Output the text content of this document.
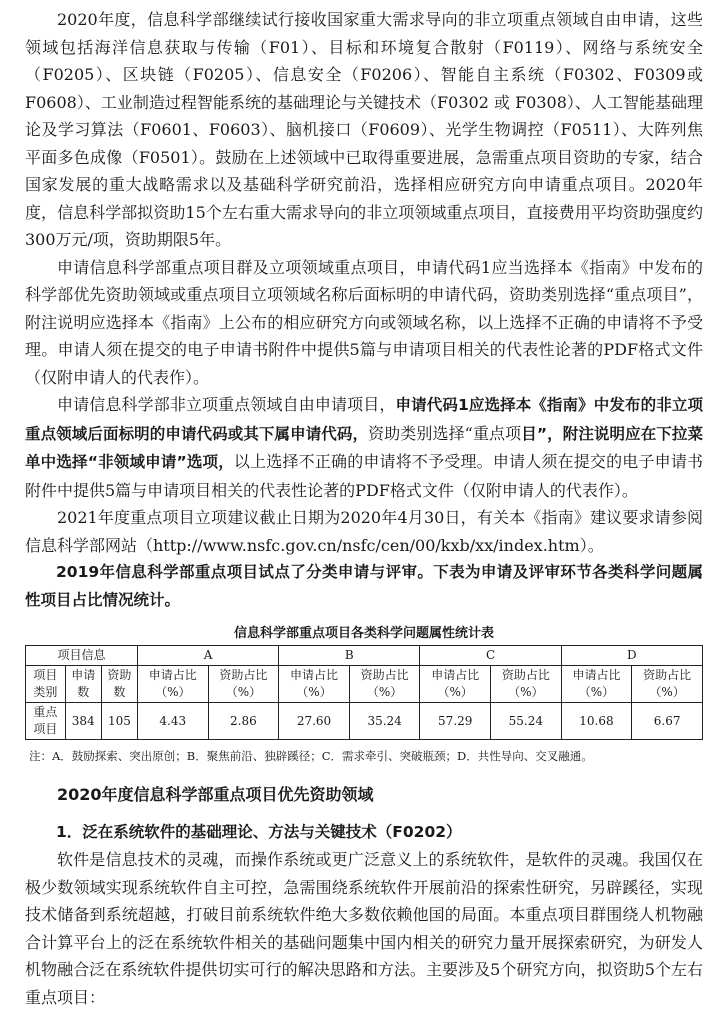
2020年度，信息科学部继续试行接收国家重大需求导向的非立项重点领域自由申请，这些领域包括海洋信息获取与传输（F01）、目标和环境复合散射（F0119）、网络与系统安全（F0205）、区块链（F0205）、信息安全（F0206）、智能自主系统（F0302、F0309或F0608）、工业制造过程智能系统的基础理论与关键技术（F0302 或 F0308）、人工智能基础理论及学习算法（F0601、F0603）、脑机接口（F0609）、光学生物调控（F0511）、大阵列焦平面多色成像（F0501）。鼓励在上述领域中已取得重要进展，急需重点项目资助的专家，结合国家发展的重大战略需求以及基础科学研究前沿，选择相应研究方向申请重点项目。2020年度，信息科学部拟资助15个左右重大需求导向的非立项领域重点项目，直接费用平均资助强度约300万元/项，资助期限5年。

申请信息科学部重点项目群及立项领域重点项目，申请代码1应当选择本《指南》中发布的科学部优先资助领域或重点项目立项领域名称后面标明的申请代码，资助类别选择“重点项目”，附注说明应选择本《指南》上公布的相应研究方向或领域名称，以上选择不正确的申请将不予受理。申请人须在提交的电子申请书附件中提供5篇与申请项目相关的代表性论著的PDF格式文件（仅附申请人的代表作）。

申请信息科学部非立项重点领域自由申请项目，申请代码1应选择本《指南》中发布的非立项重点领域后面标明的申请代码或其下属申请代码，资助类别选择“重点项目”，附注说明应在下拉菜单中选择“非领域申请”选项，以上选择不正确的申请将不予受理。申请人须在提交的电子申请书附件中提供5篇与申请项目相关的代表性论著的PDF格式文件（仅附申请人的代表作）。

2021年度重点项目立项建议截止日期为2020年4月30日，有关本《指南》建议要求请参阅信息科学部网站（http://www.nsfc.gov.cn/nsfc/cen/00/kxb/xx/index.htm）。

2019年信息科学部重点项目试点了分类申请与评审。下表为申请及评审环节各类科学问题属性项目占比情况统计。

信息科学部重点项目各类科学问题属性统计表
项目信息			A		B		C		D	
项目类别	申请数	资助数	申请占比（%）	资助占比（%）	申请占比（%）	资助占比（%）	申请占比（%）	资助占比（%）	申请占比（%）	资助占比（%）
重点项目	384	105	4.43	2.86	27.60	35.24	57.29	55.24	10.68	6.67

注：A．鼓励探索、突出原创；B．聚焦前沿、独辟蹊径；C．需求牵引、突破瓶颈；D．共性导向、交叉融通。

2020年度信息科学部重点项目优先资助领域
1．泛在系统软件的基础理论、方法与关键技术（F0202）

软件是信息技术的灵魂，而操作系统或更广泛意义上的系统软件，是软件的灵魂。我国仅在极少数领域实现系统软件自主可控，急需围绕系统软件开展前沿的探索性研究，另辟蹊径，实现技术储备到系统超越，打破目前系统软件绝大多数依赖他国的局面。本重点项目群围绕人机物融合计算平台上的泛在系统软件相关的基础问题集中国内相关的研究力量开展探索研究，为研发人机物融合泛在系统软件提供切实可行的解决思路和方法。主要涉及5个研究方向，拟资助5个左右重点项目：
